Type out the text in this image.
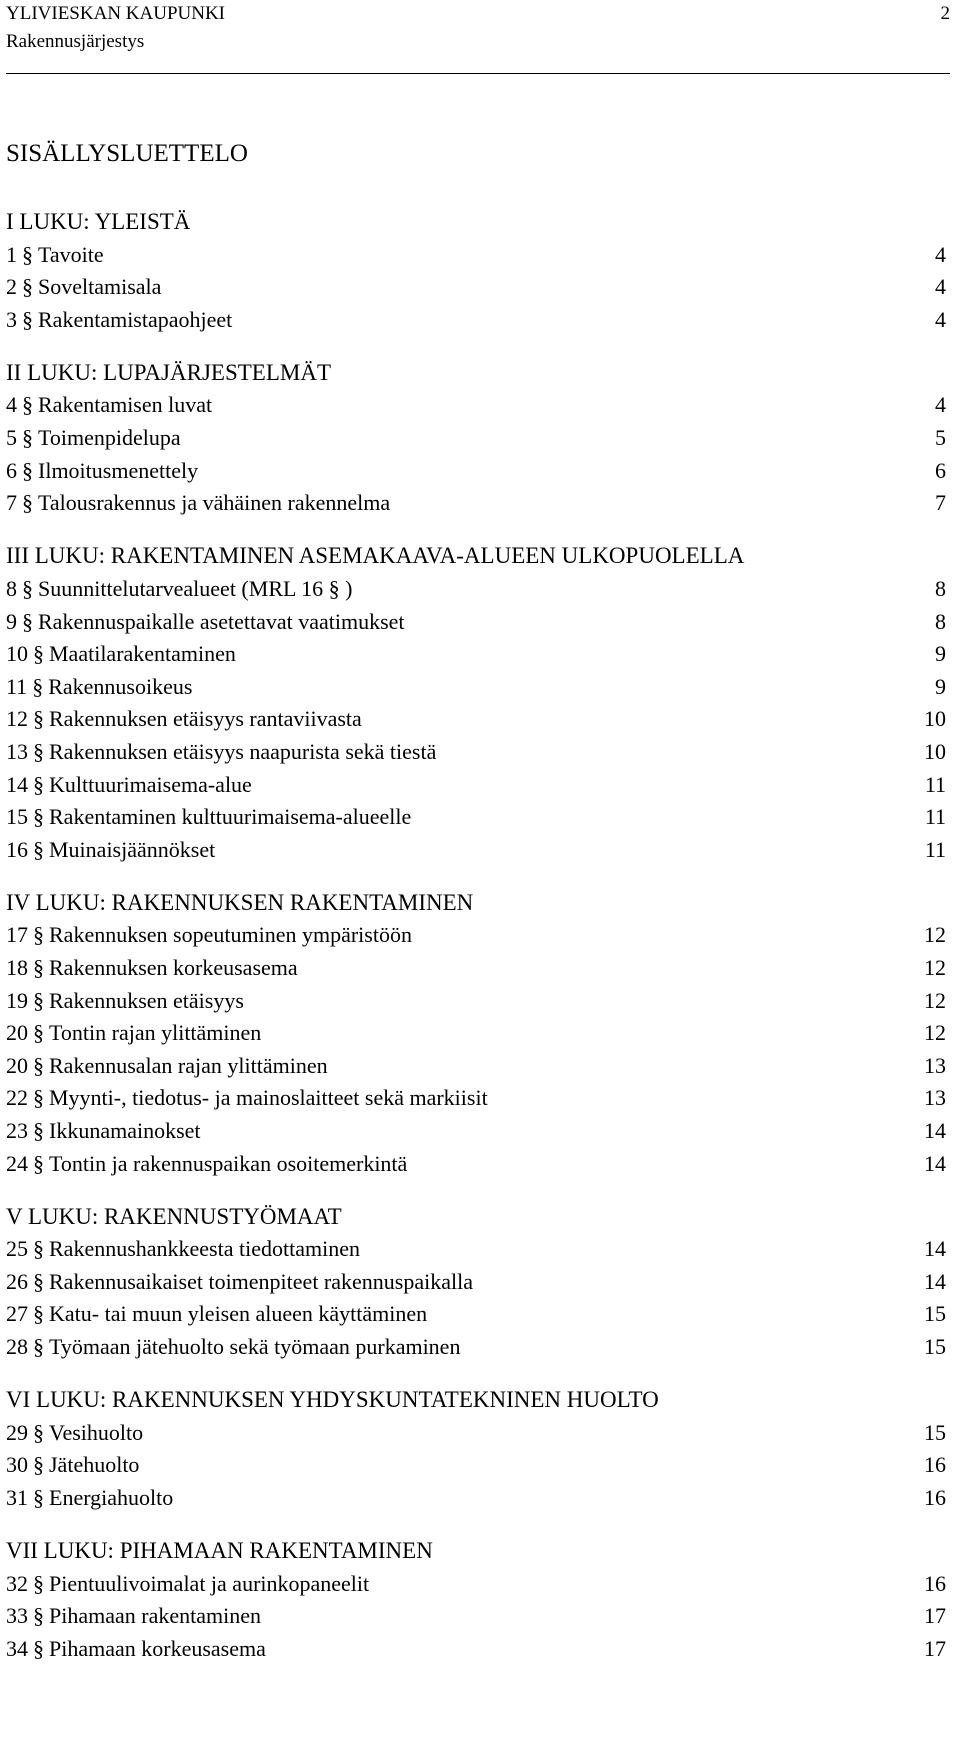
YLIVIESKAN KAUPUNKI	2
Rakennusjärjestys
SISÄLLYSLUETTELO
I LUKU: YLEISTÄ
1 § Tavoite	4
2 § Soveltamisala	4
3 § Rakentamistapaohjeet	4
II LUKU: LUPAJÄRJESTELMÄT
4 § Rakentamisen luvat	4
5 § Toimenpidelupa	5
6 § Ilmoitusmenettely	6
7 § Talousrakennus ja vähäinen rakennelma	7
III LUKU: RAKENTAMINEN ASEMAKAAVA-ALUEEN ULKOPUOLELLA
8 § Suunnittelutarvealueet (MRL 16 § )	8
9 § Rakennuspaikalle asetettavat vaatimukset	8
10 § Maatilarakentaminen	9
11 § Rakennusoikeus	9
12 § Rakennuksen etäisyys rantaviivasta	10
13 § Rakennuksen etäisyys naapurista sekä tiestä	10
14 § Kulttuurimaisema-alue	11
15 § Rakentaminen kulttuurimaisema-alueelle	11
16 § Muinaisjäännökset	11
IV LUKU: RAKENNUKSEN RAKENTAMINEN
17 § Rakennuksen sopeutuminen ympäristöön	12
18 § Rakennuksen korkeusasema	12
19 § Rakennuksen etäisyys	12
20 § Tontin rajan ylittäminen	12
20 § Rakennusalan rajan ylittäminen	13
22 § Myynti-, tiedotus- ja mainoslaitteet sekä markiisit	13
23 § Ikkunamainokset	14
24 § Tontin ja rakennuspaikan osoitemerkintä	14
V LUKU: RAKENNUSTYÖMAAT
25 § Rakennushankkeesta tiedottaminen	14
26 § Rakennusaikaiset toimenpiteet rakennuspaikalla	14
27 § Katu- tai muun yleisen alueen käyttäminen	15
28 § Työmaan jätehuolto sekä työmaan purkaminen	15
VI LUKU: RAKENNUKSEN YHDYSKUNTATEKNINEN HUOLTO
29 § Vesihuolto	15
30 § Jätehuolto	16
31 § Energiahuolto	16
VII LUKU: PIHAMAAN RAKENTAMINEN
32 § Pientuulivoimalat ja aurinkopaneelit	16
33 § Pihamaan rakentaminen	17
34 § Pihamaan korkeusasema	17
